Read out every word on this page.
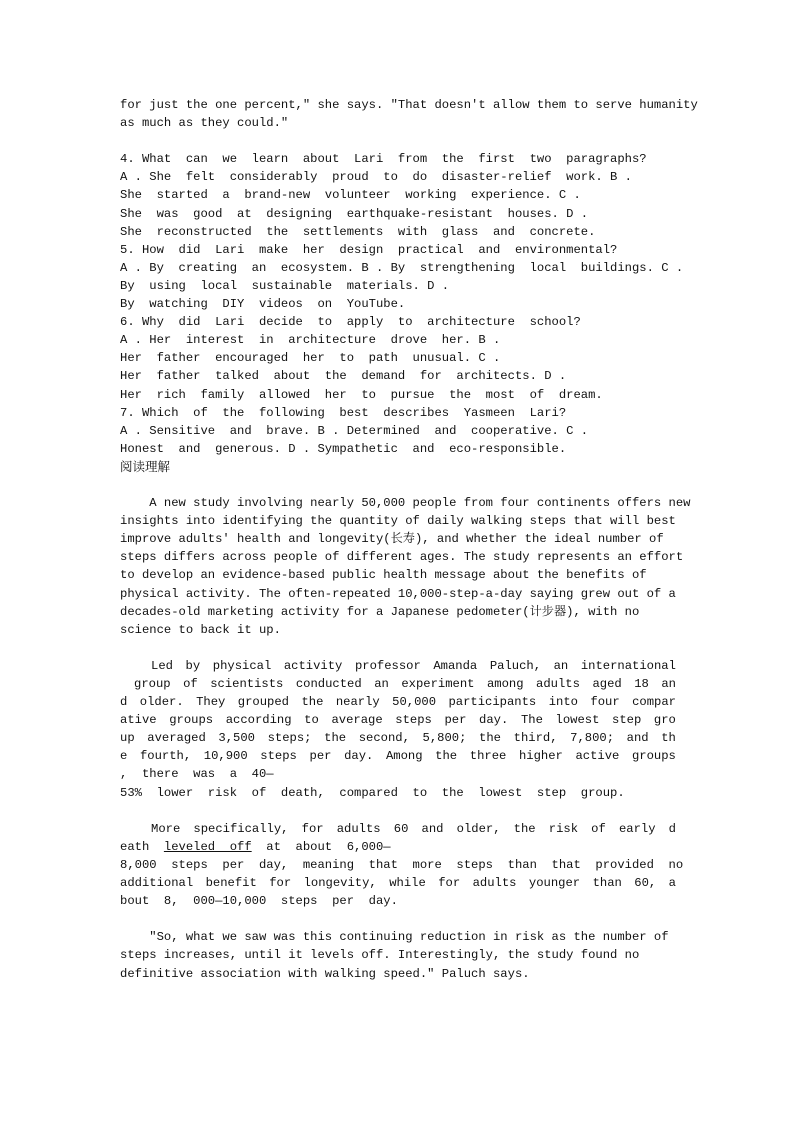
for just the one percent," she says. "That doesn't allow them to serve humanity
as much as they could."
4. What  can  we  learn  about  Lari  from  the  first  two  paragraphs?
A . She  felt  considerably  proud  to  do  disaster-relief  work. B .
She  started  a  brand-new  volunteer  working  experience. C .
She  was  good  at  designing  earthquake-resistant  houses. D .
She  reconstructed  the  settlements  with  glass  and  concrete.
5. How  did  Lari  make  her  design  practical  and  environmental?
A . By  creating  an  ecosystem. B . By  strengthening  local  buildings. C .
By  using  local  sustainable  materials. D .
By  watching  DIY  videos  on  YouTube.
6. Why  did  Lari  decide  to  apply  to  architecture  school?
A . Her  interest  in  architecture  drove  her. B .
Her  father  encouraged  her  to  path  unusual. C .
Her  father  talked  about  the  demand  for  architects. D .
Her  rich  family  allowed  her  to  pursue  the  most  of  dream.
7. Which  of  the  following  best  describes  Yasmeen  Lari?
A . Sensitive  and  brave. B . Determined  and  cooperative. C .
Honest  and  generous. D . Sympathetic  and  eco-responsible.
阅读理解
A new study involving nearly 50,000 people from four continents offers new
insights into identifying the quantity of daily walking steps that will best
improve adults' health and longevity(长寿), and whether the ideal number of
steps differs across people of different ages. The study represents an effort
to develop an evidence-based public health message about the benefits of
physical activity. The often-repeated 10,000-step-a-day saying grew out of a
decades-old marketing activity for a Japanese pedometer(计步器), with no
science to back it up.
Led by physical activity professor Amanda Paluch, an international
group of scientists conducted an experiment among adults aged 18 an
d older. They grouped the nearly 50,000 participants into four compar
ative groups according to average steps per day. The lowest step gro
up averaged 3,500 steps; the second, 5,800; the third, 7,800; and th
e fourth, 10,900 steps per day. Among the three higher active groups
,  there  was  a  40—
53%  lower  risk  of  death,  compared  to  the  lowest  step  group.
More specifically, for adults 60 and older, the risk of early d
eath  leveled  off  at  about  6,000—
8,000  steps  per  day,  meaning  that  more  steps  than  that  provided  no
additional benefit for longevity, while for adults younger than 60, a
bout  8,  000—10,000  steps  per  day.
"So, what we saw was this continuing reduction in risk as the number of
steps increases, until it levels off. Interestingly, the study found no
definitive association with walking speed." Paluch says.
